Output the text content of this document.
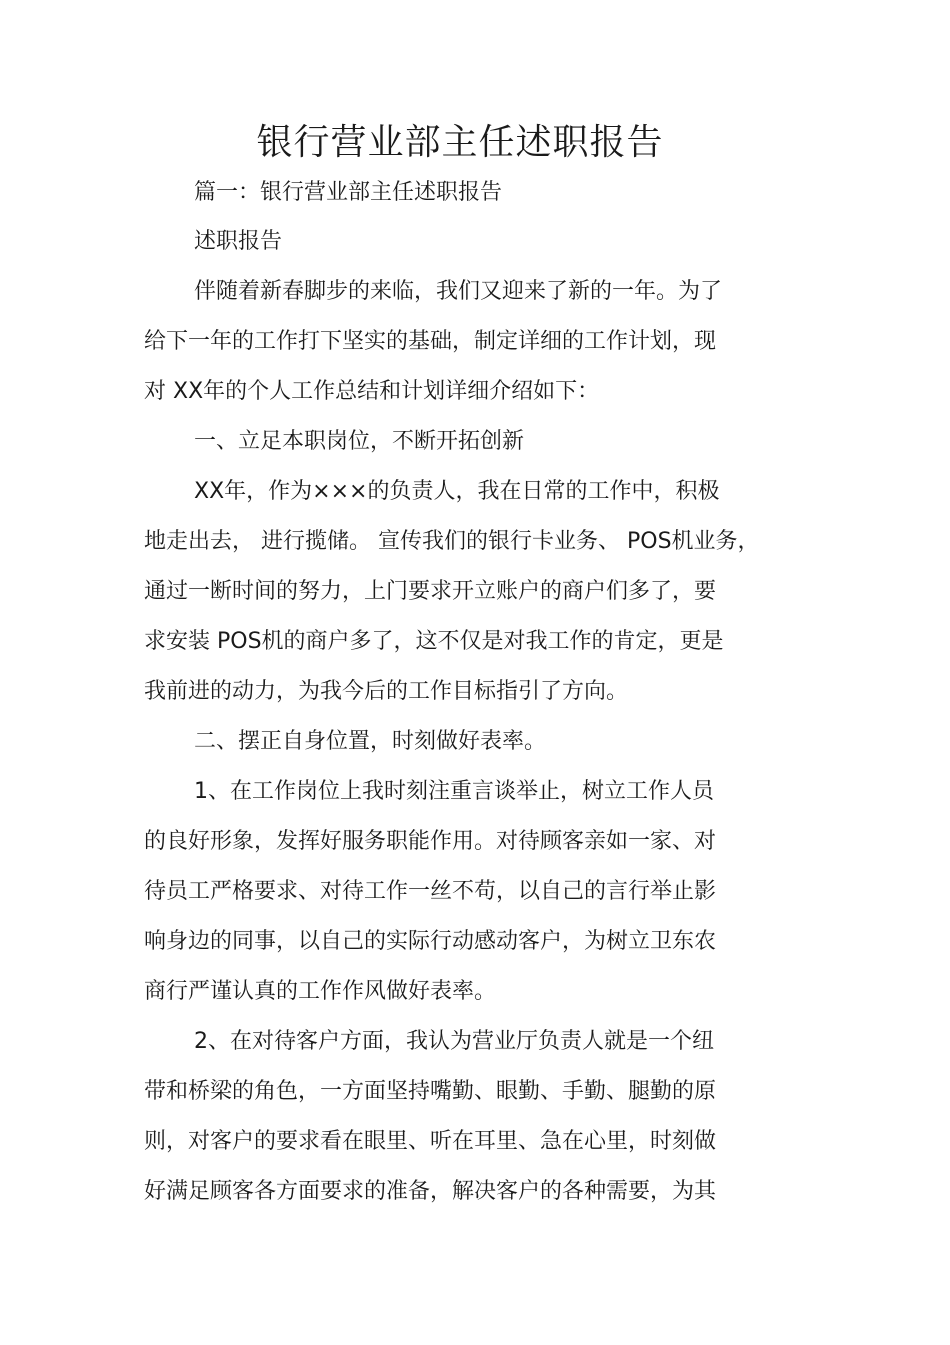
银行营业部主任述职报告

篇一：银行营业部主任述职报告

述职报告

伴随着新春脚步的来临，我们又迎来了新的一年。为了

给下一年的工作打下坚实的基础，制定详细的工作计划，现

对 XX年的个人工作总结和计划详细介绍如下：

一、立足本职岗位，不断开拓创新

XX年，作为×××的负责人，我在日常的工作中，积极

地走出去， 进行揽储。 宣传我们的银行卡业务、 POS机业务，

通过一断时间的努力，上门要求开立账户的商户们多了，要

求安装 POS机的商户多了，这不仅是对我工作的肯定，更是

我前进的动力，为我今后的工作目标指引了方向。

二、摆正自身位置，时刻做好表率。

1、在工作岗位上我时刻注重言谈举止，树立工作人员

的良好形象，发挥好服务职能作用。对待顾客亲如一家、对

待员工严格要求、对待工作一丝不苟，以自己的言行举止影

响身边的同事，以自己的实际行动感动客户，为树立卫东农

商行严谨认真的工作作风做好表率。

2、在对待客户方面，我认为营业厅负责人就是一个纽

带和桥梁的角色，一方面坚持嘴勤、眼勤、手勤、腿勤的原

则，对客户的要求看在眼里、听在耳里、急在心里，时刻做

好满足顾客各方面要求的准备，解决客户的各种需要，为其
